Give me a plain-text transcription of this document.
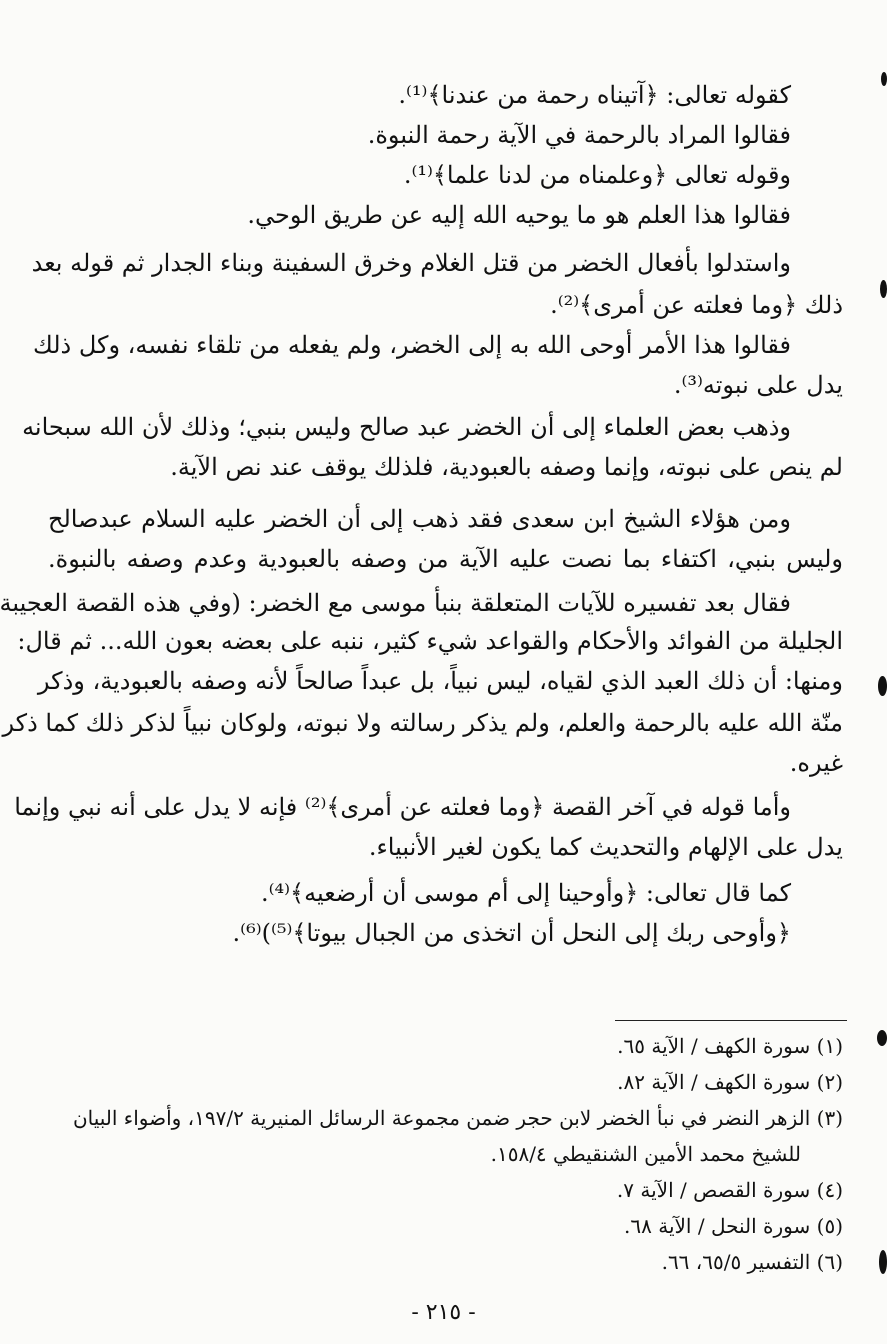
كقوله تعالى: ﴿آتيناه رحمة من عندنا﴾⁽¹⁾.
فقالوا المراد بالرحمة في الآية رحمة النبوة.
وقوله تعالى ﴿وعلمناه من لدنا علما﴾⁽¹⁾.
فقالوا هذا العلم هو ما يوحيه الله إليه عن طريق الوحي.
واستدلوا بأفعال الخضر من قتل الغلام وخرق السفينة وبناء الجدار ثم قوله بعد
ذلك ﴿وما فعلته عن أمرى﴾⁽²⁾.
فقالوا هذا الأمر أوحى الله به إلى الخضر، ولم يفعله من تلقاء نفسه، وكل ذلك
يدل على نبوته⁽³⁾.
وذهب بعض العلماء إلى أن الخضر عبد صالح وليس بنبي؛ وذلك لأن الله سبحانه
لم ينص على نبوته، وإنما وصفه بالعبودية، فلذلك يوقف عند نص الآية.
ومن هؤلاء الشيخ ابن سعدى فقد ذهب إلى أن الخضر عليه السلام عبدصالح
وليس بنبي، اكتفاء بما نصت عليه الآية من وصفه بالعبودية وعدم وصفه بالنبوة.
فقال بعد تفسيره للآيات المتعلقة بنبأ موسى مع الخضر: (وفي هذه القصة العجيبة
الجليلة من الفوائد والأحكام والقواعد شيء كثير، ننبه على بعضه بعون الله... ثم قال:
ومنها: أن ذلك العبد الذي لقياه، ليس نبياً، بل عبداً صالحاً لأنه وصفه بالعبودية، وذكر
منّة الله عليه بالرحمة والعلم، ولم يذكر رسالته ولا نبوته، ولوكان نبياً لذكر ذلك كما ذكر
غيره.
وأما قوله في آخر القصة ﴿وما فعلته عن أمرى﴾⁽²⁾ فإنه لا يدل على أنه نبي وإنما
يدل على الإلهام والتحديث كما يكون لغير الأنبياء.
كما قال تعالى: ﴿وأوحينا إلى أم موسى أن أرضعيه﴾⁽⁴⁾.
﴿وأوحى ربك إلى النحل أن اتخذى من الجبال بيوتا﴾⁽⁵⁾)⁽⁶⁾.
(١) سورة الكهف / الآية ٦٥.
(٢) سورة الكهف / الآية ٨٢.
(٣) الزهر النضر في نبأ الخضر لابن حجر ضمن مجموعة الرسائل المنيرية ١٩٧/٢، وأضواء البيان
للشيخ محمد الأمين الشنقيطي ١٥٨/٤.
(٤) سورة القصص / الآية ٧.
(٥) سورة النحل / الآية ٦٨.
(٦) التفسير ٦٥/٥، ٦٦.
- ٢١٥ -
